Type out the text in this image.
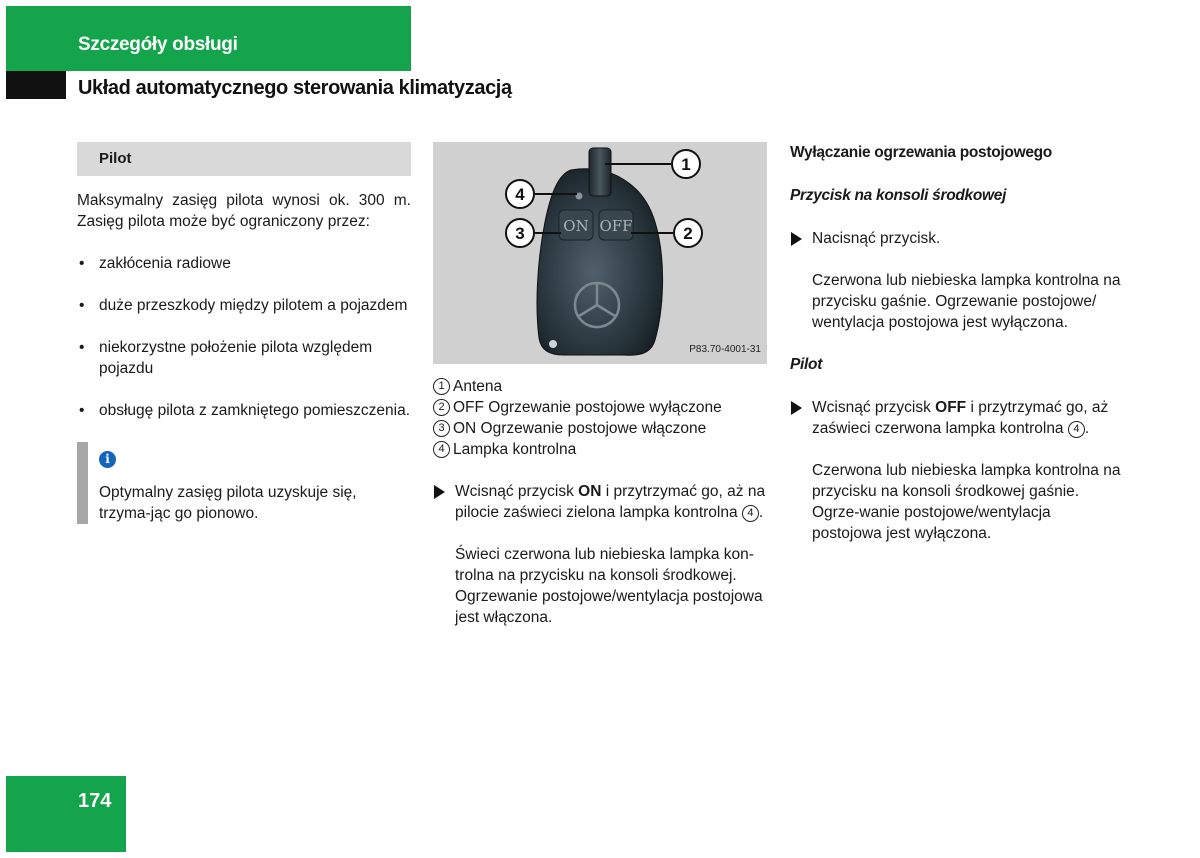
Szczegóły obsługi
Układ automatycznego sterowania klimatyzacją
Pilot

Maksymalny zasięg pilota wynosi ok. 300 m. Zasięg pilota może być ograniczony przez:

• zakłócenia radiowe
• duże przeszkody między pilotem a pojazdem
• niekorzystne położenie pilota względem pojazdu
• obsługę pilota z zamkniętego pomieszczenia.
i

Optymalny zasięg pilota uzyskuje się, trzyma-jąc go pionowo.

ON OFF
1
4
3	2
P83.70-4001-31
1 Antena
2 OFF Ogrzewanie postojowe wyłączone
3 ON Ogrzewanie postojowe włączone
4 Lampka kontrolna
Wcisnąć przycisk ON i przytrzymać go, aż na pilocie zaświeci zielona lampka kontrolna 4 .

Świeci czerwona lub niebieska lampka kon-trolna na przycisku na konsoli środkowej. Ogrzewanie postojowe/wentylacja postojowa jest włączona.

Wyłączanie ogrzewania postojowego
Przycisk na konsoli środkowej
Nacisnąć przycisk.

Czerwona lub niebieska lampka kontrolna na przycisku gaśnie. Ogrzewanie postojowe/ wentylacja postojowa jest wyłączona.

Pilot
Wcisnąć przycisk OFF i przytrzymać go, aż zaświeci czerwona lampka kontrolna 4 .

Czerwona lub niebieska lampka kontrolna na przycisku na konsoli środkowej gaśnie. Ogrze-wanie postojowe/wentylacja postojowa jest wyłączona.

174
